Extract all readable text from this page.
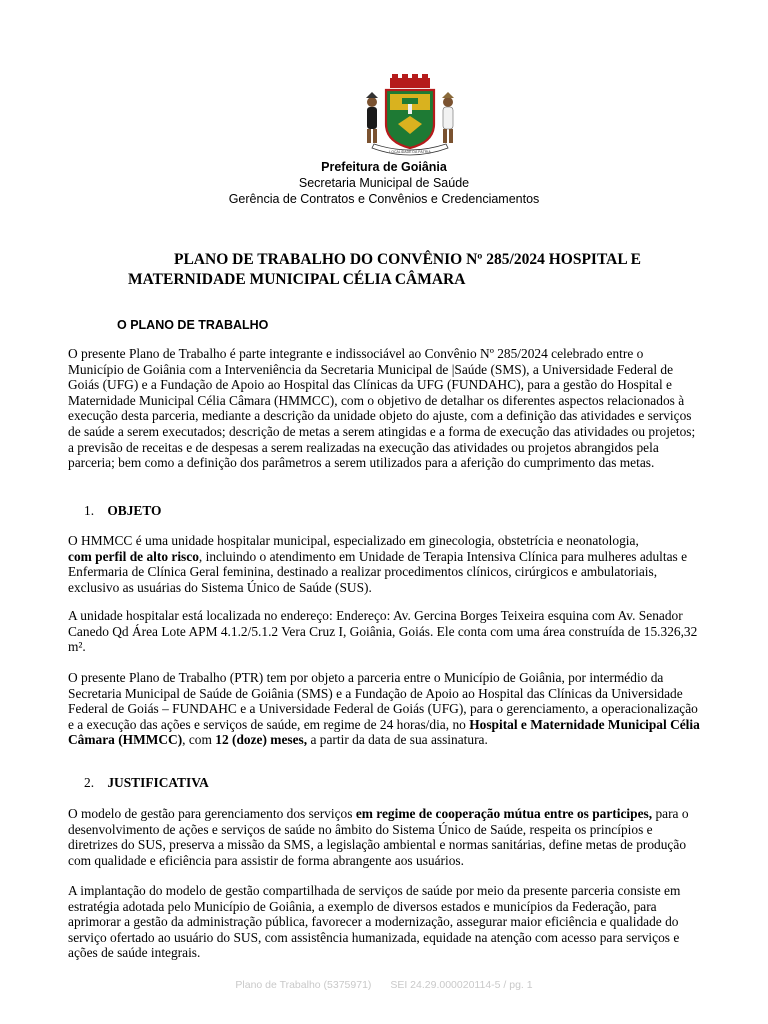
LOCALIDADE DA PÁTRIA
Prefeitura de Goiânia
Secretaria Municipal de Saúde
Gerência de Contratos e Convênios e Credenciamentos
PLANO DE TRABALHO DO CONVÊNIO Nº 285/2024 HOSPITAL E
MATERNIDADE MUNICIPAL CÉLIA CÂMARA
O PLANO DE TRABALHO

O presente Plano de Trabalho é parte integrante e indissociável ao Convênio Nº 285/2024 celebrado entre o Município de Goiânia com a Interveniência da Secretaria Municipal de |Saúde (SMS), a Universidade Federal de Goiás (UFG) e a Fundação de Apoio ao Hospital das Clínicas da UFG (FUNDAHC), para a gestão do Hospital e Maternidade Municipal Célia Câmara (HMMCC), com o objetivo de detalhar os diferentes aspectos relacionados à execução desta parceria, mediante a descrição da unidade objeto do ajuste, com a definição das atividades e serviços de saúde a serem executados; descrição de metas a serem atingidas e a forma de execução das atividades ou projetos; a previsão de receitas e de despesas a serem realizadas na execução das atividades ou projetos abrangidos pela parceria; bem como a definição dos parâmetros a serem utilizados para a aferição do cumprimento das metas.

1. OBJETO

O HMMCC é uma unidade hospitalar municipal, especializado em ginecologia, obstetrícia e neonatologia,
com perfil de alto risco, incluindo o atendimento em Unidade de Terapia Intensiva Clínica para mulheres adultas e Enfermaria de Clínica Geral feminina, destinado a realizar procedimentos clínicos, cirúrgicos e ambulatoriais, exclusivo as usuárias do Sistema Único de Saúde (SUS).

A unidade hospitalar está localizada no endereço: Endereço: Av. Gercina Borges Teixeira esquina com Av. Senador Canedo Qd Área Lote APM 4.1.2/5.1.2 Vera Cruz I, Goiânia, Goiás. Ele conta com uma área construída de 15.326,32 m².

O presente Plano de Trabalho (PTR) tem por objeto a parceria entre o Município de Goiânia, por intermédio da Secretaria Municipal de Saúde de Goiânia (SMS) e a Fundação de Apoio ao Hospital das Clínicas da Universidade Federal de Goiás – FUNDAHC e a Universidade Federal de Goiás (UFG), para o gerenciamento, a operacionalização e a execução das ações e serviços de saúde, em regime de 24 horas/dia, no Hospital e Maternidade Municipal Célia Câmara (HMMCC), com 12 (doze) meses, a partir da data de sua assinatura.

2. JUSTIFICATIVA

O modelo de gestão para gerenciamento dos serviços em regime de cooperação mútua entre os participes, para o desenvolvimento de ações e serviços de saúde no âmbito do Sistema Único de Saúde, respeita os princípios e diretrizes do SUS, preserva a missão da SMS, a legislação ambiental e normas sanitárias, define metas de produção com qualidade e eficiência para assistir de forma abrangente aos usuários.

A implantação do modelo de gestão compartilhada de serviços de saúde por meio da presente parceria consiste em estratégia adotada pelo Município de Goiânia, a exemplo de diversos estados e municípios da Federação, para aprimorar a gestão da administração pública, favorecer a modernização, assegurar maior eficiência e qualidade do serviço ofertado ao usuário do SUS, com assistência humanizada, equidade na atenção com acesso para serviços e ações de saúde integrais.

Plano de Trabalho (5375971) SEI 24.29.000020114-5 / pg. 1
